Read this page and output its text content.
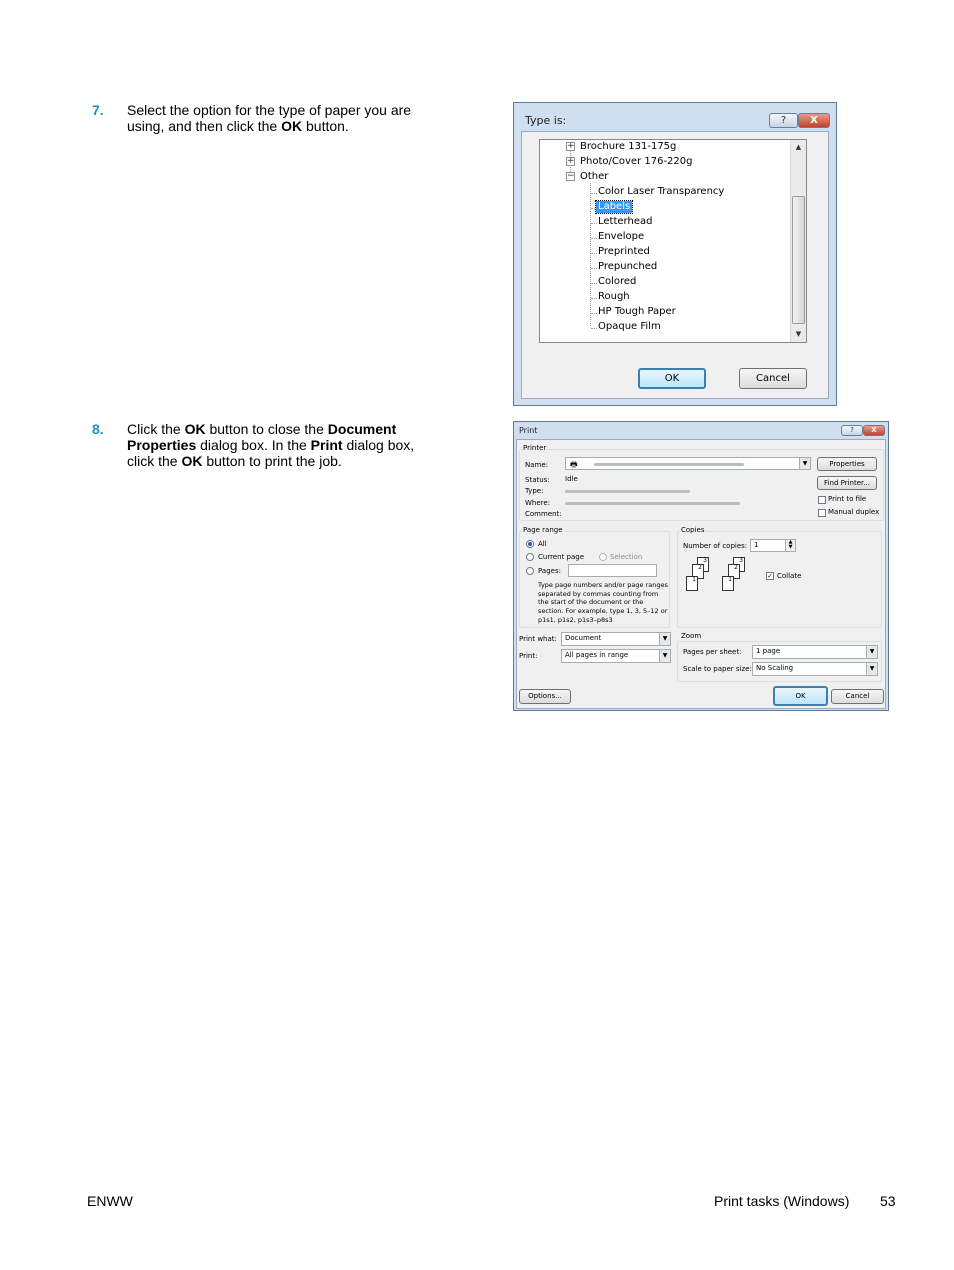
7. Select the option for the type of paper you are using, and then click the OK button.
8. Click the OK button to close the Document Properties dialog box. In the Print dialog box, click the OK button to print the job.
Type is:	?	X
+ Brochure 131-175g
+ Photo/Cover 176-220g
− Other
Color Laser Transparency
Labels
Letterhead
Envelope
Preprinted
Prepunched
Colored
Rough
HP Tough Paper
Opaque Film
▲
▼
OK	Cancel
Print	?	X
Printer
Name:	🖶	▼	Properties
Status: Idle
Type:
Where:
Comment:
Find Printer...
Print to file
Manual duplex
Page range
All
Current page	Selection
Pages:
Type page numbers and/or page ranges separated by commas counting from the start of the document or the section. For example, type 1, 3, 5–12 or p1s1, p1s2, p1s3–p8s3
Copies
Number of copies: 1	▲
▼
3
2
1
3
2
1	✓ Collate
Print what:	Document	▼
Print:	All pages in range	▼
Zoom
Pages per sheet:	1 page	▼
Scale to paper size: No Scaling	▼
Options...	OK	Cancel
ENWW	Print tasks (Windows) 53
